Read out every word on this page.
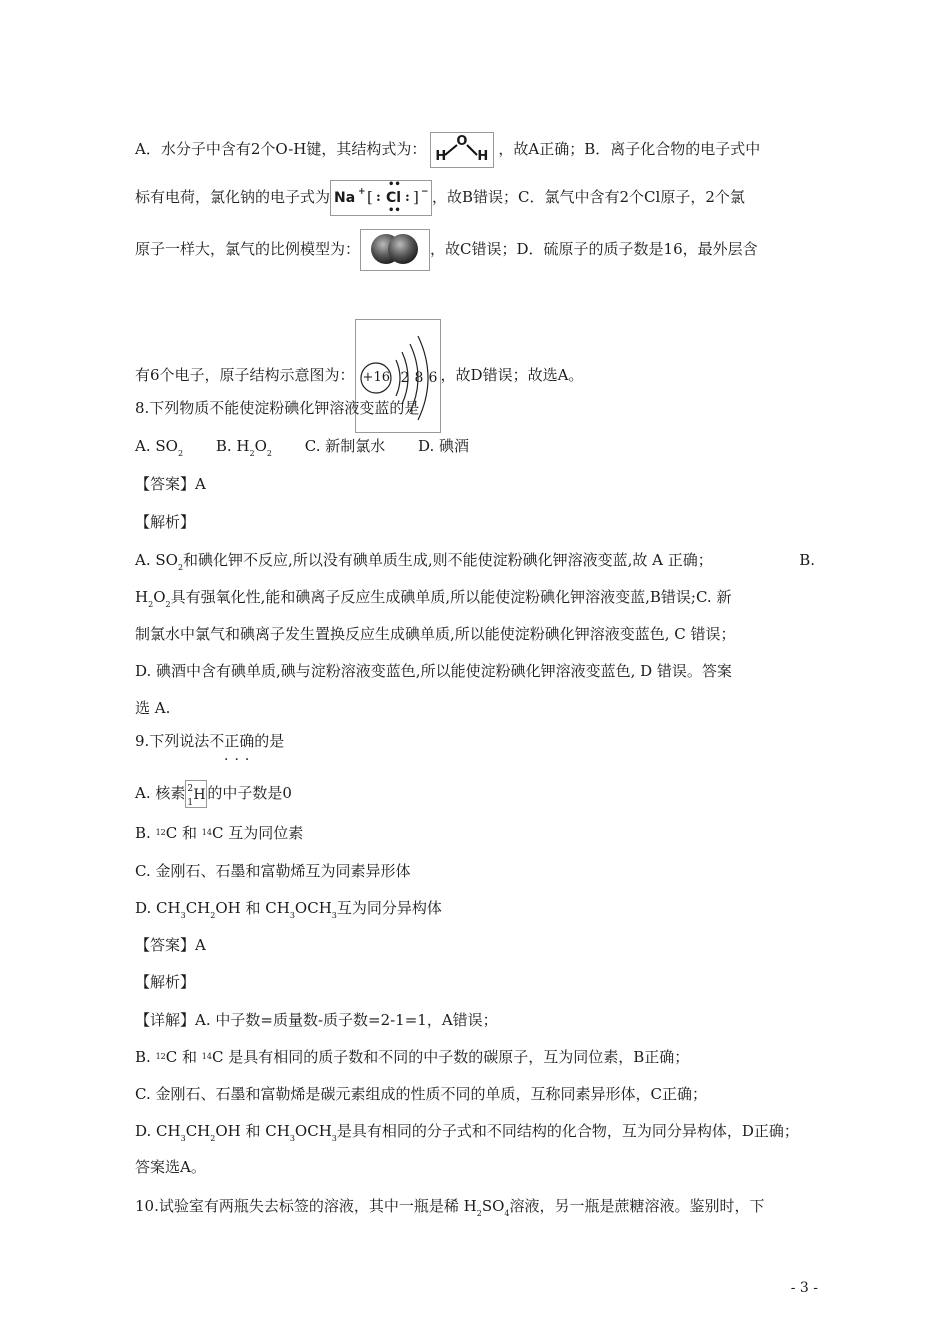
A．水分子中含有2个O-H键，其结构式为： H
O
H ，故A正确；B．离子化合物的电子式中
标有电荷，氯化钠的电子式为 Na + [ : Cl
••
••
: ] − ，故B错误；C．氯气中含有2个Cl原子，2个氯
原子一样大，氯气的比例模型为：	，故C错误；D．硫原子的质子数是16，最外层含
有6个电子，原子结构示意图为： +16 2 8 6 ，故D错误；故选A。
8.下列物质不能使淀粉碘化钾溶液变蓝的是
A. $SO_2$ B. $H_2O_2$ C. 新制氯水 D. 碘酒
【答案】A
【解析】
A. $SO_2$和碘化钾不反应,所以没有碘单质生成,则不能使淀粉碘化钾溶液变蓝,故 A 正确；	B.
$H_2O_2$具有强氧化性,能和碘离子反应生成碘单质,所以能使淀粉碘化钾溶液变蓝,B错误;C. 新
制氯水中氯气和碘离子发生置换反应生成碘单质,所以能使淀粉碘化钾溶液变蓝色, C 错误；
D. 碘酒中含有碘单质,碘与淀粉溶液变蓝色,所以能使淀粉碘化钾溶液变蓝色, D 错误。答案
选 A.
9.下列说法不正确的是
···
A. 核素 2
1 H 的中子数是0
B. $^{12}$C 和 $^{14}$C 互为同位素
C. 金刚石、石墨和富勒烯互为同素异形体
D. $CH_3CH_2OH$ 和 $CH_3OCH_3$互为同分异构体
【答案】A
【解析】
【详解】A. 中子数=质量数-质子数=2-1=1，A错误；
B. $^{12}$C 和 $^{14}$C 是具有相同的质子数和不同的中子数的碳原子，互为同位素，B正确；
C. 金刚石、石墨和富勒烯是碳元素组成的性质不同的单质，互称同素异形体，C正确；
D. $CH_3CH_2OH$ 和 $CH_3OCH_3$是具有相同的分子式和不同结构的化合物，互为同分异构体，D正确；
答案选A。
10.试验室有两瓶失去标签的溶液，其中一瓶是稀 $H_2SO_4$溶液，另一瓶是蔗糖溶液。鉴别时，下
- 3 -
